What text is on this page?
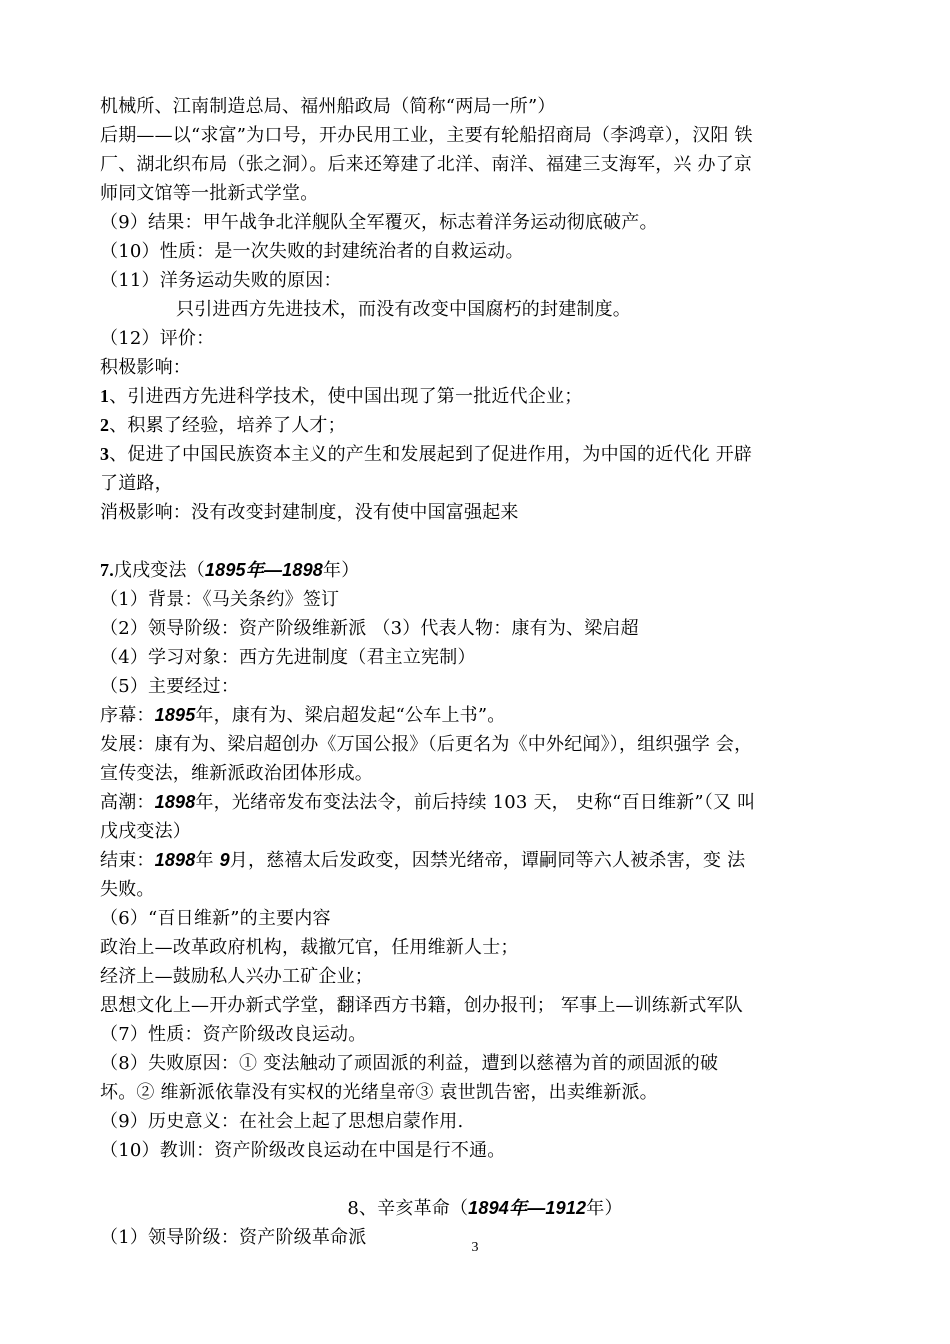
机械所、江南制造总局、福州船政局（简称“两局一所”）
后期——以“求富”为口号，开办民用工业，主要有轮船招商局（李鸿章），汉阳 铁
厂、湖北织布局（张之洞）。后来还筹建了北洋、南洋、福建三支海军，兴 办了京
师同文馆等一批新式学堂。
（9）结果：甲午战争北洋舰队全军覆灭，标志着洋务运动彻底破产。
（10）性质：是一次失败的封建统治者的自救运动。
（11）洋务运动失败的原因：
只引进西方先进技术，而没有改变中国腐朽的封建制度。
（12）评价：
积极影响：
1、引进西方先进科学技术，使中国出现了第一批近代企业；
2、积累了经验，培养了人才；
3、促进了中国民族资本主义的产生和发展起到了促进作用，为中国的近代化 开辟
了道路，
消极影响：没有改变封建制度，没有使中国富强起来
7.戊戌变法（1895年—1898年）
（1）背景：《马关条约》签订
（2）领导阶级：资产阶级维新派 （3）代表人物：康有为、梁启超
（4）学习对象：西方先进制度（君主立宪制）
（5）主要经过：
序幕：1895年，康有为、梁启超发起“公车上书”。
发展：康有为、梁启超创办《万国公报》（后更名为《中外纪闻》），组织强学 会，
宣传变法，维新派政治团体形成。
高潮：1898年，光绪帝发布变法法令，前后持续 103 天， 史称“百日维新”（又 叫
戊戌变法）
结束：1898年 9月，慈禧太后发政变，因禁光绪帝，谭嗣同等六人被杀害，变 法
失败。
（6）“百日维新”的主要内容
政治上—改革政府机构，裁撤冗官，任用维新人士；
经济上—鼓励私人兴办工矿企业；
思想文化上—开办新式学堂，翻译西方书籍，创办报刊； 军事上—训练新式军队
（7）性质：资产阶级改良运动。
（8）失败原因：① 变法触动了顽固派的利益，遭到以慈禧为首的顽固派的破
坏。② 维新派依靠没有实权的光绪皇帝③ 袁世凯告密，出卖维新派。
（9）历史意义：在社会上起了思想启蒙作用.
（10）教训：资产阶级改良运动在中国是行不通。
8、辛亥革命（1894年—1912年）
（1）领导阶级：资产阶级革命派	3
